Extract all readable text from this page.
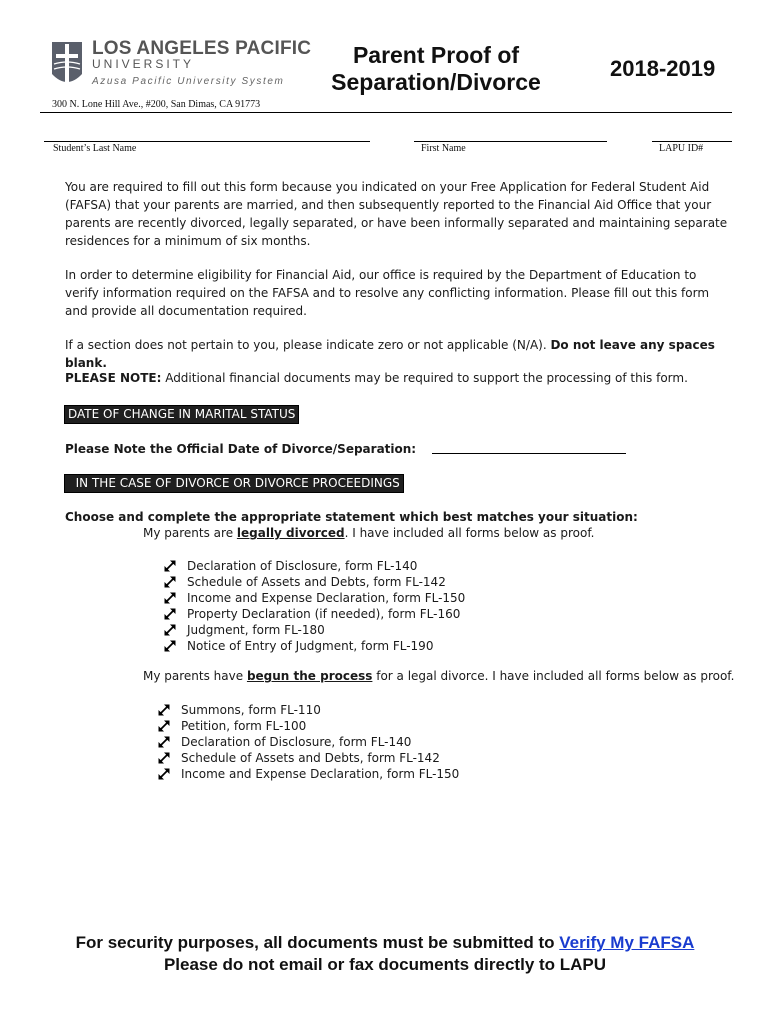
LOS ANGELES PACIFIC
UNIVERSITY
Azusa Pacific University System
Parent Proof of
Separation/Divorce
2018-2019
300 N. Lone Hill Ave., #200, San Dimas, CA 91773
Student’s Last Name	First Name	LAPU ID#
You are required to fill out this form because you indicated on your Free Application for Federal Student Aid (FAFSA) that your parents are married, and then subsequently reported to the Financial Aid Office that your parents are recently divorced, legally separated, or have been informally separated and maintaining separate residences for a minimum of six months.
In order to determine eligibility for Financial Aid, our office is required by the Department of Education to verify information required on the FAFSA and to resolve any conflicting information. Please fill out this form and provide all documentation required.
If a section does not pertain to you, please indicate zero or not applicable (N/A). Do not leave any spaces blank.
PLEASE NOTE: Additional financial documents may be required to support the processing of this form.
DATE OF CHANGE IN MARITAL STATUS
Please Note the Official Date of Divorce/Separation:
IN THE CASE OF DIVORCE OR DIVORCE PROCEEDINGS
Choose and complete the appropriate statement which best matches your situation:
My parents are legally divorced. I have included all forms below as proof.
Declaration of Disclosure, form FL-140
Schedule of Assets and Debts, form FL-142
Income and Expense Declaration, form FL-150
Property Declaration (if needed), form FL-160
Judgment, form FL-180
Notice of Entry of Judgment, form FL-190
My parents have begun the process for a legal divorce. I have included all forms below as proof.
Summons, form FL-110
Petition, form FL-100
Declaration of Disclosure, form FL-140
Schedule of Assets and Debts, form FL-142
Income and Expense Declaration, form FL-150
For security purposes, all documents must be submitted to Verify My FAFSA
Please do not email or fax documents directly to LAPU
